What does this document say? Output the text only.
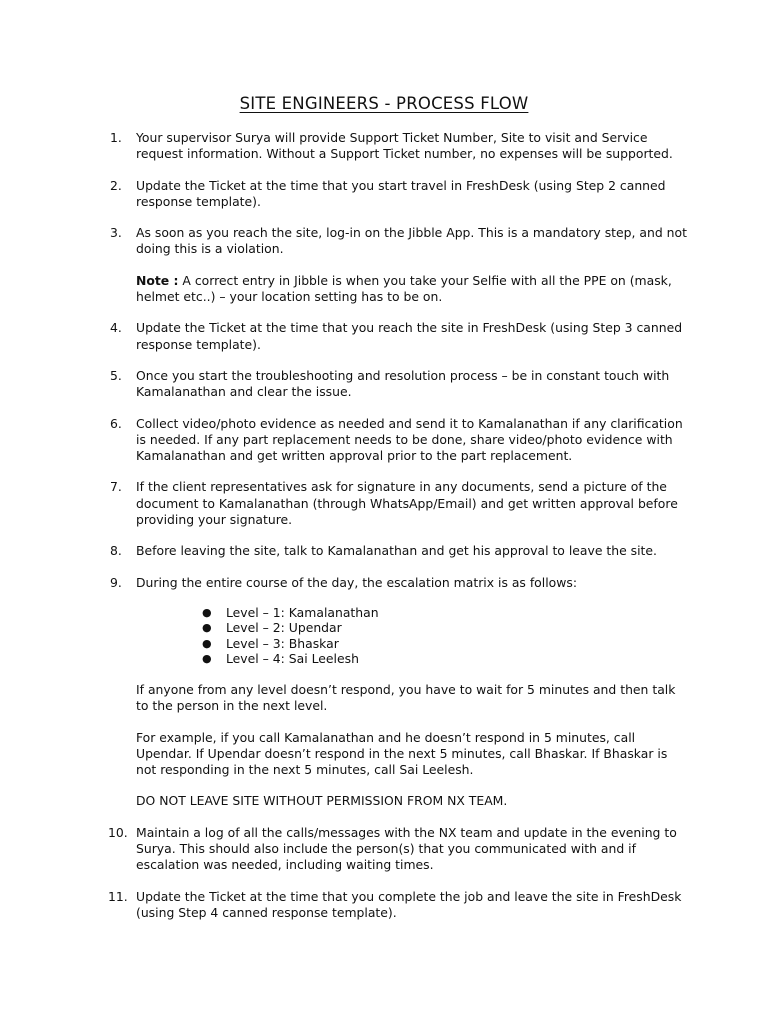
SITE ENGINEERS - PROCESS FLOW
1.	Your supervisor Surya will provide Support Ticket Number, Site to visit and Service request information. Without a Support Ticket number, no expenses will be supported.
2.	Update the Ticket at the time that you start travel in FreshDesk (using Step 2 canned response template).
3.	As soon as you reach the site, log-in on the Jibble App. This is a mandatory step, and not doing this is a violation.
Note : A correct entry in Jibble is when you take your Selfie with all the PPE on (mask, helmet etc..) – your location setting has to be on.
4.	Update the Ticket at the time that you reach the site in FreshDesk (using Step 3 canned response template).
5.	Once you start the troubleshooting and resolution process – be in constant touch with Kamalanathan and clear the issue.
6.	Collect video/photo evidence as needed and send it to Kamalanathan if any clarification is needed. If any part replacement needs to be done, share video/photo evidence with Kamalanathan and get written approval prior to the part replacement.
7.	If the client representatives ask for signature in any documents, send a picture of the document to Kamalanathan (through WhatsApp/Email) and get written approval before providing your signature.
8.	Before leaving the site, talk to Kamalanathan and get his approval to leave the site.
9.	During the entire course of the day, the escalation matrix is as follows:
● Level – 1: Kamalanathan
● Level – 2: Upendar
● Level – 3: Bhaskar
● Level – 4: Sai Leelesh
If anyone from any level doesn’t respond, you have to wait for 5 minutes and then talk to the person in the next level.
For example, if you call Kamalanathan and he doesn’t respond in 5 minutes, call Upendar. If Upendar doesn’t respond in the next 5 minutes, call Bhaskar. If Bhaskar is not responding in the next 5 minutes, call Sai Leelesh.
DO NOT LEAVE SITE WITHOUT PERMISSION FROM NX TEAM.
10. Maintain a log of all the calls/messages with the NX team and update in the evening to Surya. This should also include the person(s) that you communicated with and if escalation was needed, including waiting times.
11. Update the Ticket at the time that you complete the job and leave the site in FreshDesk (using Step 4 canned response template).
